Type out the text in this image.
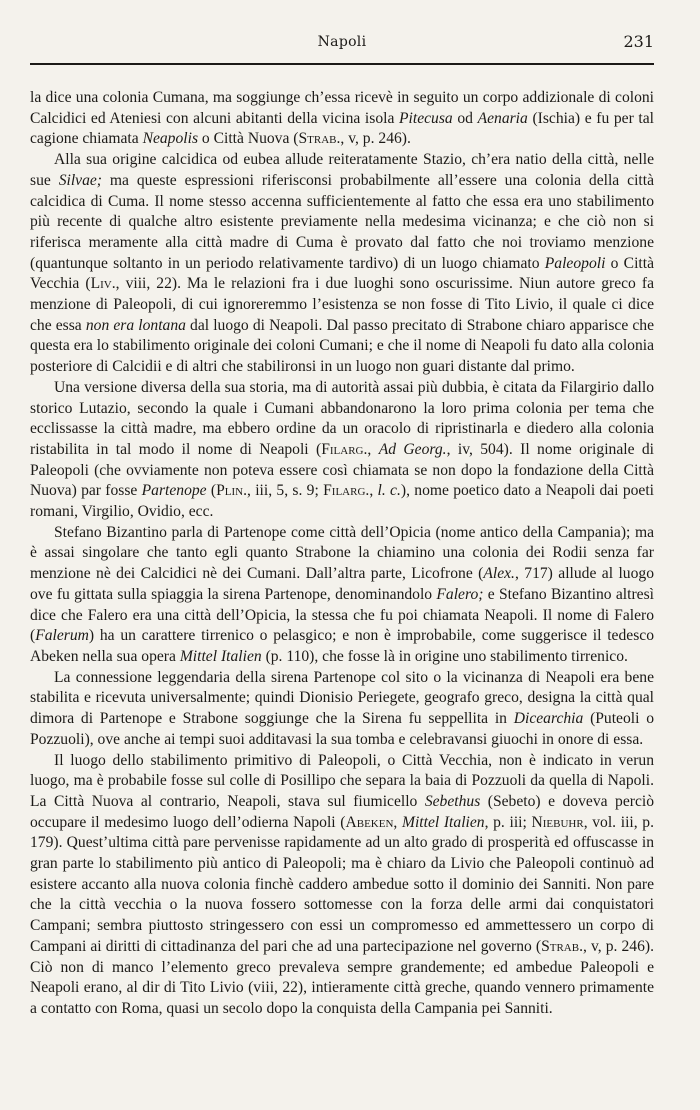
Napoli	231

la dice una colonia Cumana, ma soggiunge ch’essa ricevè in seguito un corpo addizionale di coloni Calcidici ed Ateniesi con alcuni abitanti della vicina isola Pitecusa od Aenaria (Ischia) e fu per tal cagione chiamata Neapolis o Città Nuova (Strab., v, p. 246).

Alla sua origine calcidica od eubea allude reiteratamente Stazio, ch’era natio della città, nelle sue Silvae; ma queste espressioni riferisconsi probabilmente all’essere una colonia della città calcidica di Cuma. Il nome stesso accenna sufficientemente al fatto che essa era uno stabilimento più recente di qualche altro esistente previamente nella medesima vicinanza; e che ciò non si riferisca meramente alla città madre di Cuma è provato dal fatto che noi troviamo menzione (quantunque soltanto in un periodo relativamente tardivo) di un luogo chiamato Paleopoli o Città Vecchia (Liv., viii, 22). Ma le relazioni fra i due luoghi sono oscurissime. Niun autore greco fa menzione di Paleopoli, di cui ignoreremmo l’esistenza se non fosse di Tito Livio, il quale ci dice che essa non era lontana dal luogo di Neapoli. Dal passo precitato di Strabone chiaro apparisce che questa era lo stabilimento originale dei coloni Cumani; e che il nome di Neapoli fu dato alla colonia posteriore di Calcidii e di altri che stabilironsi in un luogo non guari distante dal primo.

Una versione diversa della sua storia, ma di autorità assai più dubbia, è citata da Filargirio dallo storico Lutazio, secondo la quale i Cumani abbandonarono la loro prima colonia per tema che ecclissasse la città madre, ma ebbero ordine da un oracolo di ripristinarla e diedero alla colonia ristabilita in tal modo il nome di Neapoli (Filarg., Ad Georg., iv, 504). Il nome originale di Paleopoli (che ovviamente non poteva essere così chiamata se non dopo la fondazione della Città Nuova) par fosse Partenope (Plin., iii, 5, s. 9; Filarg., l. c.), nome poetico dato a Neapoli dai poeti romani, Virgilio, Ovidio, ecc.

Stefano Bizantino parla di Partenope come città dell’Opicia (nome antico della Campania); ma è assai singolare che tanto egli quanto Strabone la chiamino una colonia dei Rodii senza far menzione nè dei Calcidici nè dei Cumani. Dall’altra parte, Licofrone (Alex., 717) allude al luogo ove fu gittata sulla spiaggia la sirena Partenope, denominandolo Falero; e Stefano Bizantino altresì dice che Falero era una città dell’Opicia, la stessa che fu poi chiamata Neapoli. Il nome di Falero (Falerum) ha un carattere tirrenico o pelasgico; e non è improbabile, come suggerisce il tedesco Abeken nella sua opera Mittel Italien (p. 110), che fosse là in origine uno stabilimento tirrenico.

La connessione leggendaria della sirena Partenope col sito o la vicinanza di Neapoli era bene stabilita e ricevuta universalmente; quindi Dionisio Periegete, geografo greco, designa la città qual dimora di Partenope e Strabone soggiunge che la Sirena fu seppellita in Dicearchia (Puteoli o Pozzuoli), ove anche ai tempi suoi additavasi la sua tomba e celebravansi giuochi in onore di essa.

Il luogo dello stabilimento primitivo di Paleopoli, o Città Vecchia, non è indicato in verun luogo, ma è probabile fosse sul colle di Posillipo che separa la baia di Pozzuoli da quella di Napoli. La Città Nuova al contrario, Neapoli, stava sul fiumicello Sebethus (Sebeto) e doveva perciò occupare il medesimo luogo dell’odierna Napoli (Abeken, Mittel Italien, p. iii; Niebuhr, vol. iii, p. 179). Quest’ultima città pare pervenisse rapidamente ad un alto grado di prosperità ed offuscasse in gran parte lo stabilimento più antico di Paleopoli; ma è chiaro da Livio che Paleopoli continuò ad esistere accanto alla nuova colonia finchè caddero ambedue sotto il dominio dei Sanniti. Non pare che la città vecchia o la nuova fossero sottomesse con la forza delle armi dai conquistatori Campani; sembra piuttosto stringessero con essi un compromesso ed ammettessero un corpo di Campani ai diritti di cittadinanza del pari che ad una partecipazione nel governo (Strab., v, p. 246). Ciò non di manco l’elemento greco prevaleva sempre grandemente; ed ambedue Paleopoli e Neapoli erano, al dir di Tito Livio (viii, 22), intieramente città greche, quando vennero primamente a contatto con Roma, quasi un secolo dopo la conquista della Campania pei Sanniti.
